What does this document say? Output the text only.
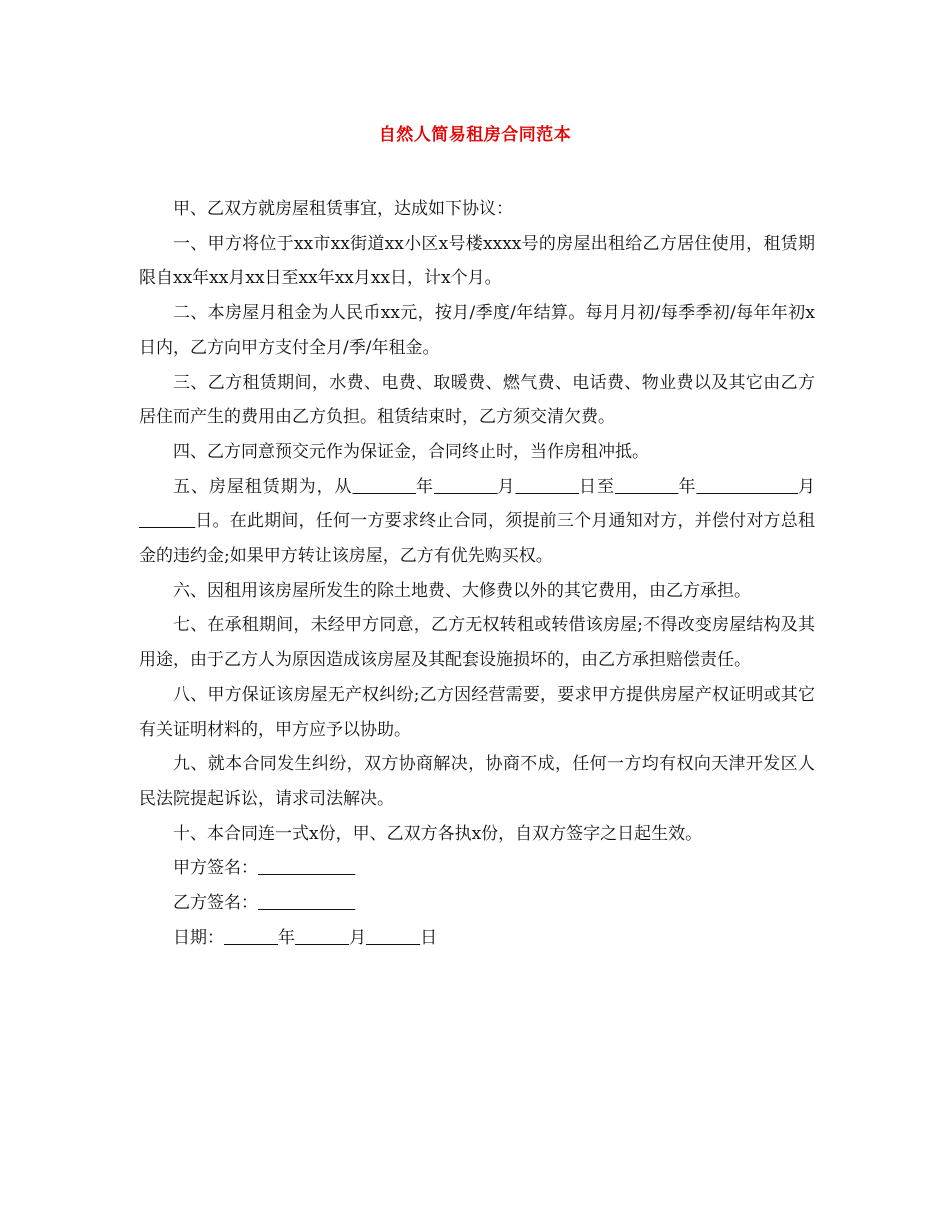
自然人简易租房合同范本

甲、乙双方就房屋租赁事宜，达成如下协议：

一、甲方将位于xx市xx街道xx小区x号楼xxxx号的房屋出租给乙方居住使用，租赁期限自xx年xx月xx日至xx年xx月xx日，计x个月。

二、本房屋月租金为人民币xx元，按月/季度/年结算。每月月初/每季季初/每年年初x日内，乙方向甲方支付全月/季/年租金。

三、乙方租赁期间，水费、电费、取暖费、燃气费、电话费、物业费以及其它由乙方居住而产生的费用由乙方负担。租赁结束时，乙方须交清欠费。

四、乙方同意预交元作为保证金，合同终止时，当作房租冲抵。

五、房屋租赁期为，从	年	月	日至	年	月          日。在此期间，任何一方要求终止合同，须提前三个月通知对方，并偿付对方总租金的违约金;如果甲方转让该房屋，乙方有优先购买权。

六、因租用该房屋所发生的除土地费、大修费以外的其它费用，由乙方承担。

七、在承租期间，未经甲方同意，乙方无权转租或转借该房屋;不得改变房屋结构及其用途，由于乙方人为原因造成该房屋及其配套设施损坏的，由乙方承担赔偿责任。

八、甲方保证该房屋无产权纠纷;乙方因经营需要，要求甲方提供房屋产权证明或其它有关证明材料的，甲方应予以协助。

九、就本合同发生纠纷，双方协商解决，协商不成，任何一方均有权向天津开发区人民法院提起诉讼，请求司法解决。

十、本合同连一式x份，甲、乙双方各执x份，自双方签字之日起生效。

甲方签名：

乙方签名：

日期：	年	月	日
